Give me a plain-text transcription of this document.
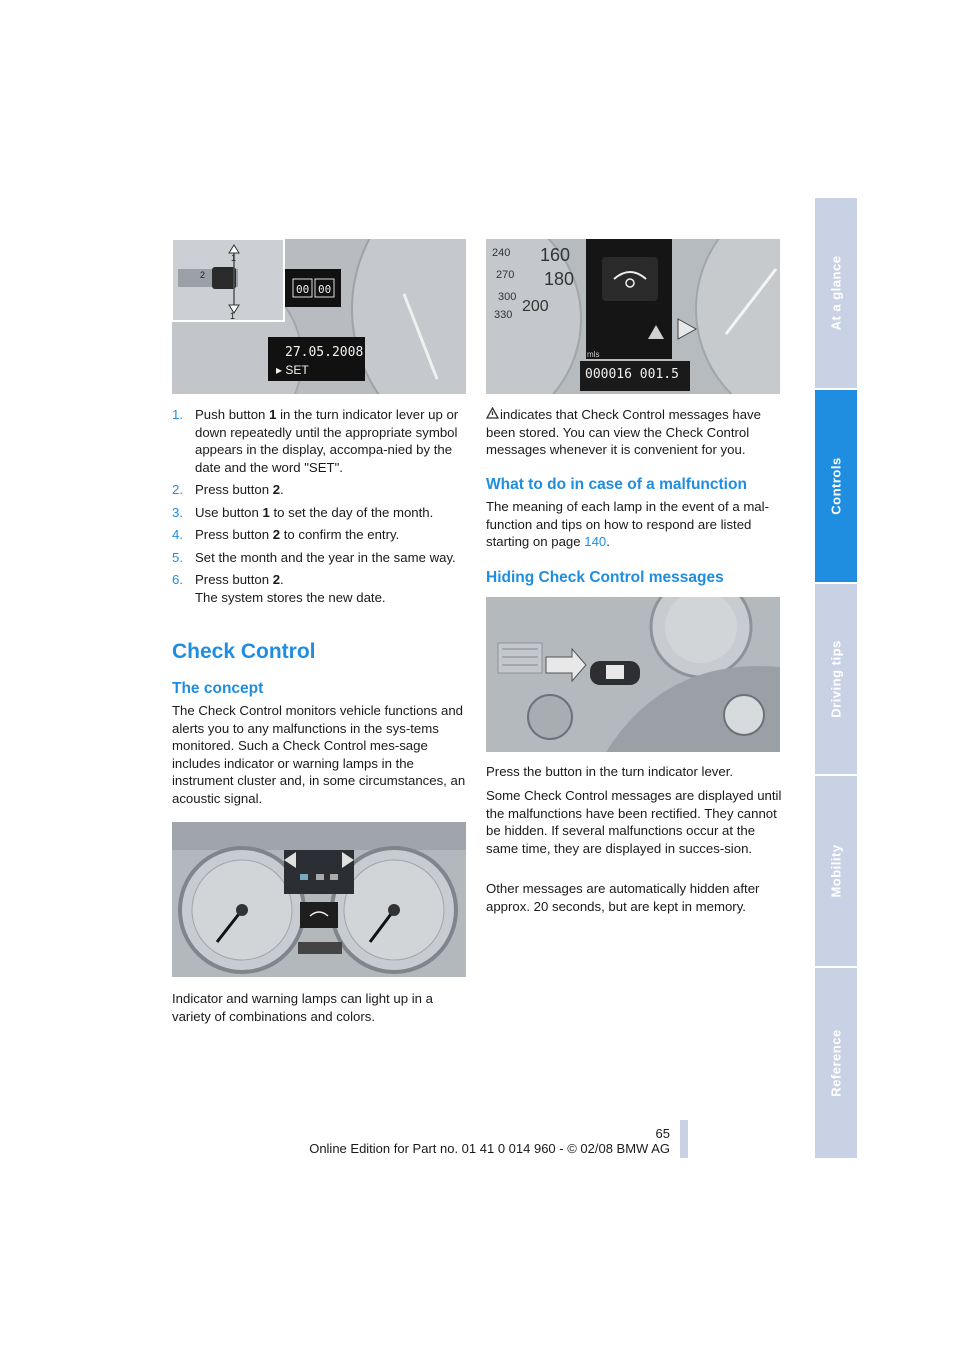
At a glance
Controls
Driving tips
Mobility
Reference
1
2
1
00 00
27.05.2008
▸ SET
240 160
270 180
300
330 200
mls
000016 001.5
1. Push button 1 in the turn indicator lever up or down repeatedly until the appropriate symbol appears in the display, accompa-nied by the date and the word "SET".
2. Press button 2.
3. Use button 1 to set the day of the month.
4. Press button 2 to confirm the entry.
5. Set the month and the year in the same way.
6. Press button 2.
The system stores the new date.
Check Control
The concept
The Check Control monitors vehicle functions and alerts you to any malfunctions in the sys-tems monitored. Such a Check Control mes-sage includes indicator or warning lamps in the instrument cluster and, in some circumstances, an acoustic signal.
Indicator and warning lamps can light up in a variety of combinations and colors.
indicates that Check Control messages have been stored. You can view the Check Control messages whenever it is convenient for you.
What to do in case of a malfunction
The meaning of each lamp in the event of a mal-function and tips on how to respond are listed starting on page 140.
Hiding Check Control messages
Press the button in the turn indicator lever.
Some Check Control messages are displayed until the malfunctions have been rectified. They cannot be hidden. If several malfunctions occur at the same time, they are displayed in succes-sion.
Other messages are automatically hidden after approx. 20 seconds, but are kept in memory.
65
Online Edition for Part no. 01 41 0 014 960 - © 02/08 BMW AG
